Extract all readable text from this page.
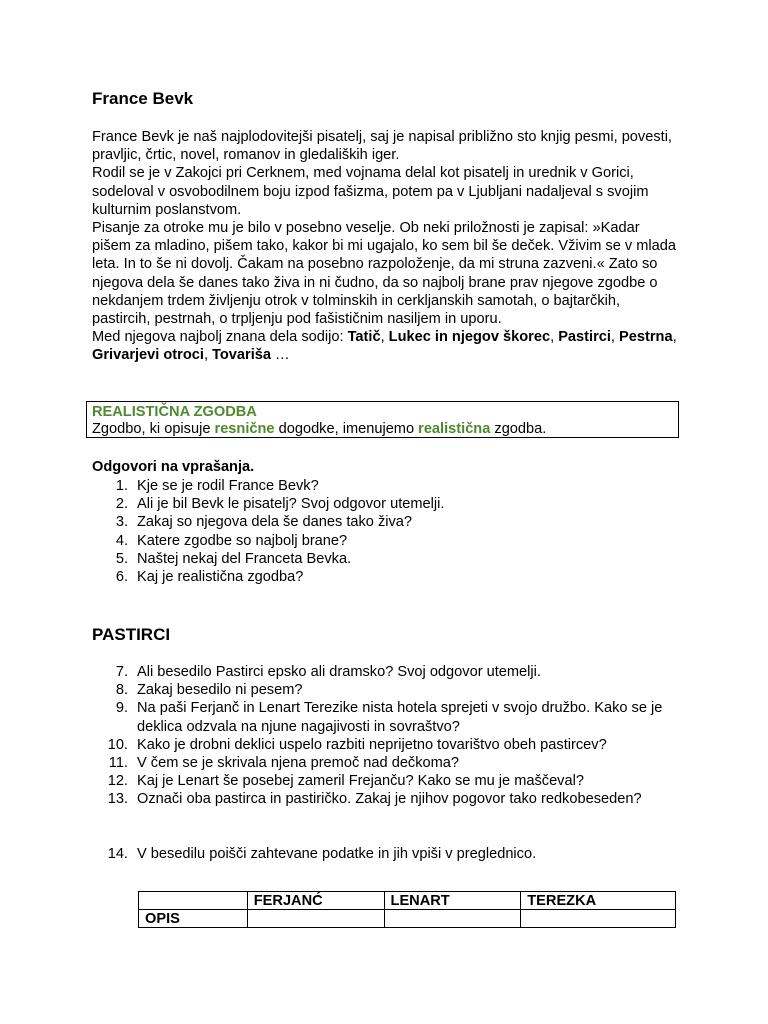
France Bevk

France Bevk je naš najplodovitejši pisatelj, saj je napisal približno sto knjig pesmi, povesti, pravljic, črtic, novel, romanov in gledaliških iger.

Rodil se je v Zakojci pri Cerknem, med vojnama delal kot pisatelj in urednik v Gorici, sodeloval v osvobodilnem boju izpod fašizma, potem pa v Ljubljani nadaljeval s svojim kulturnim poslanstvom.

Pisanje za otroke mu je bilo v posebno veselje. Ob neki priložnosti je zapisal: »Kadar pišem za mladino, pišem tako, kakor bi mi ugajalo, ko sem bil še deček. Vživim se v mlada leta. In to še ni dovolj. Čakam na posebno razpoloženje, da mi struna zazveni.« Zato so njegova dela še danes tako živa in ni čudno, da so najbolj brane prav njegove zgodbe o nekdanjem trdem življenju otrok v tolminskih in cerkljanskih samotah, o bajtarčkih, pastircih, pestrnah, o trpljenju pod fašističnim nasiljem in uporu.

Med njegova najbolj znana dela sodijo: Tatič, Lukec in njegov škorec, Pastirci, Pestrna, Grivarjevi otroci, Tovariša …

REALISTIČNA ZGODBA
Zgodbo, ki opisuje resnične dogodke, imenujemo realistična zgodba.
Odgovori na vprašanja.
1. Kje se je rodil France Bevk?
2. Ali je bil Bevk le pisatelj? Svoj odgovor utemelji.
3. Zakaj so njegova dela še danes tako živa?
4. Katere zgodbe so najbolj brane?
5. Naštej nekaj del Franceta Bevka.
6. Kaj je realistična zgodba?
PASTIRCI
7. Ali besedilo Pastirci epsko ali dramsko? Svoj odgovor utemelji.
8. Zakaj besedilo ni pesem?
9. Na paši Ferjanč in Lenart Terezike nista hotela sprejeti v svojo družbo. Kako se je deklica odzvala na njune nagajivosti in sovraštvo?
10. Kako je drobni deklici uspelo razbiti neprijetno tovarištvo obeh pastircev?
11. V čem se je skrivala njena premoč nad dečkoma?
12. Kaj je Lenart še posebej zameril Frejanču? Kako se mu je maščeval?
13. Označi oba pastirca in pastiričko. Zakaj je njihov pogovor tako redkobeseden?
14. V besedilu poišči zahtevane podatke in jih vpiši v preglednico.
	FERJANĆ	LENART	TEREZKA
OPIS			
